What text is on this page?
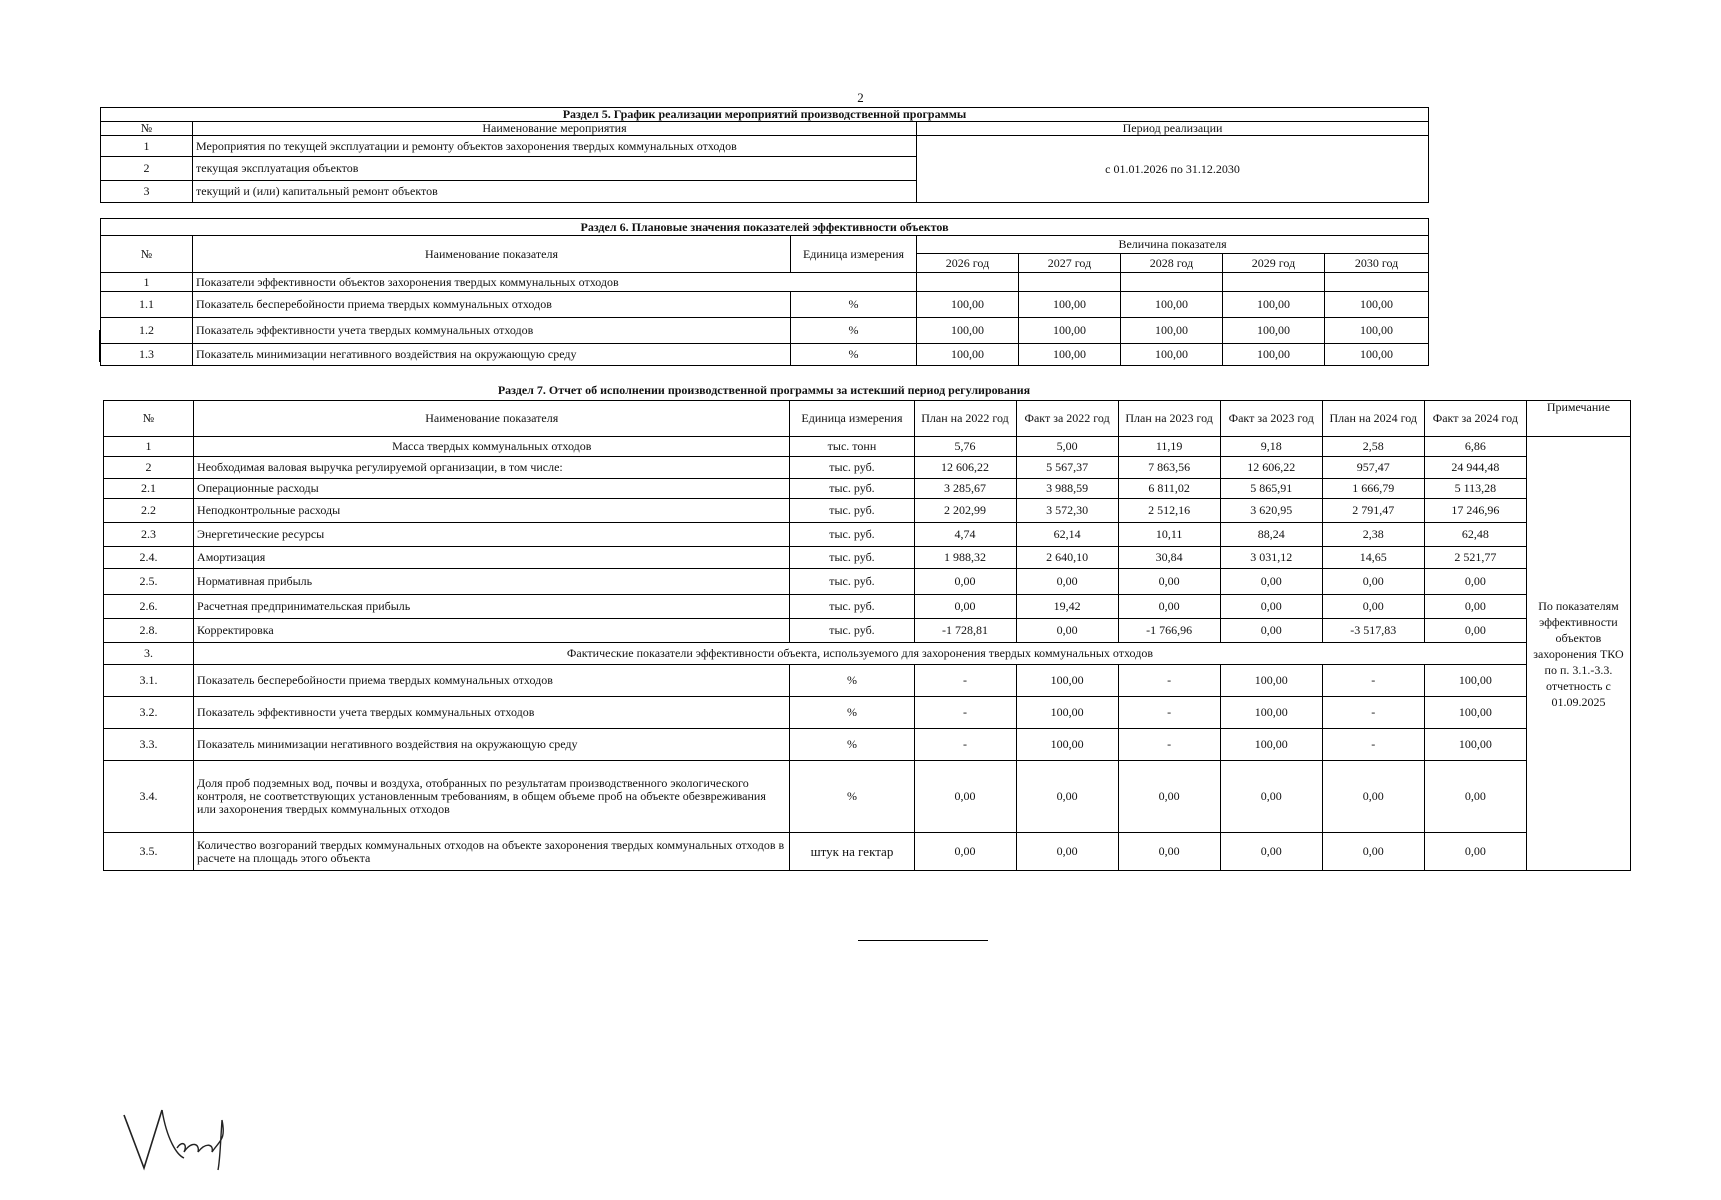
2
Раздел 5. График реализации мероприятий производственной программы		
№	Наименование мероприятия	Период реализации
1	Мероприятия по текущей эксплуатации и ремонту объектов захоронения твердых коммунальных отходов	с 01.01.2026 по 31.12.2030
2	текущая эксплуатация объектов	
3	текущий и (или) капитальный ремонт объектов	
Раздел 6. Плановые значения показателей эффективности объектов							
№	Наименование показателя	Единица измерения	Величина показателя				
			2026 год	2027 год	2028 год	2029 год	2030 год
1	Показатели эффективности объектов захоронения твердых коммунальных отходов						
1.1	Показатель бесперебойности приема твердых коммунальных отходов	%	100,00	100,00	100,00	100,00	100,00
1.2	Показатель эффективности учета твердых коммунальных отходов	%	100,00	100,00	100,00	100,00	100,00
1.3	Показатель минимизации негативного воздействия на окружающую среду	%	100,00	100,00	100,00	100,00	100,00
Раздел 7. Отчет об исполнении производственной программы за истекший период регулирования
№	Наименование показателя	Единица измерения	План на 2022 год	Факт за 2022 год	План на 2023 год	Факт за 2023 год	План на 2024 год	Факт за 2024 год	Примечание
1	Масса твердых коммунальных отходов	тыс. тонн	5,76	5,00	11,19	9,18	2,58	6,86	По показателям эффективности объектов захоронения ТКО по п. 3.1.-3.3. отчетность с 01.09.2025
2	Необходимая валовая выручка регулируемой организации, в том числе:	тыс. руб.	12 606,22	5 567,37	7 863,56	12 606,22	957,47	24 944,48	
2.1	Операционные расходы	тыс. руб.	3 285,67	3 988,59	6 811,02	5 865,91	1 666,79	5 113,28	
2.2	Неподконтрольные расходы	тыс. руб.	2 202,99	3 572,30	2 512,16	3 620,95	2 791,47	17 246,96	
2.3	Энергетические ресурсы	тыс. руб.	4,74	62,14	10,11	88,24	2,38	62,48	
2.4.	Амортизация	тыс. руб.	1 988,32	2 640,10	30,84	3 031,12	14,65	2 521,77	
2.5.	Нормативная прибыль	тыс. руб.	0,00	0,00	0,00	0,00	0,00	0,00	
2.6.	Расчетная предпринимательская прибыль	тыс. руб.	0,00	19,42	0,00	0,00	0,00	0,00	
2.8.	Корректировка	тыс. руб.	-1 728,81	0,00	-1 766,96	0,00	-3 517,83	0,00	
3.	Фактические показатели эффективности объекта, используемого для захоронения твердых коммунальных отходов								
3.1.	Показатель бесперебойности приема твердых коммунальных отходов	%	-	100,00	-	100,00	-	100,00	
3.2.	Показатель эффективности учета твердых коммунальных отходов	%	-	100,00	-	100,00	-	100,00	
3.3.	Показатель минимизации негативного воздействия на окружающую среду	%	-	100,00	-	100,00	-	100,00	
3.4.	Доля проб подземных вод, почвы и воздуха, отобранных по результатам производственного экологического контроля, не соответствующих установленным требованиям, в общем объеме проб на объекте обезвреживания или захоронения твердых коммунальных отходов	%	0,00	0,00	0,00	0,00	0,00	0,00	
3.5.	Количество возгораний твердых коммунальных отходов на объекте захоронения твердых коммунальных отходов в расчете на площадь этого объекта	штук на гектар	0,00	0,00	0,00	0,00	0,00	0,00	
